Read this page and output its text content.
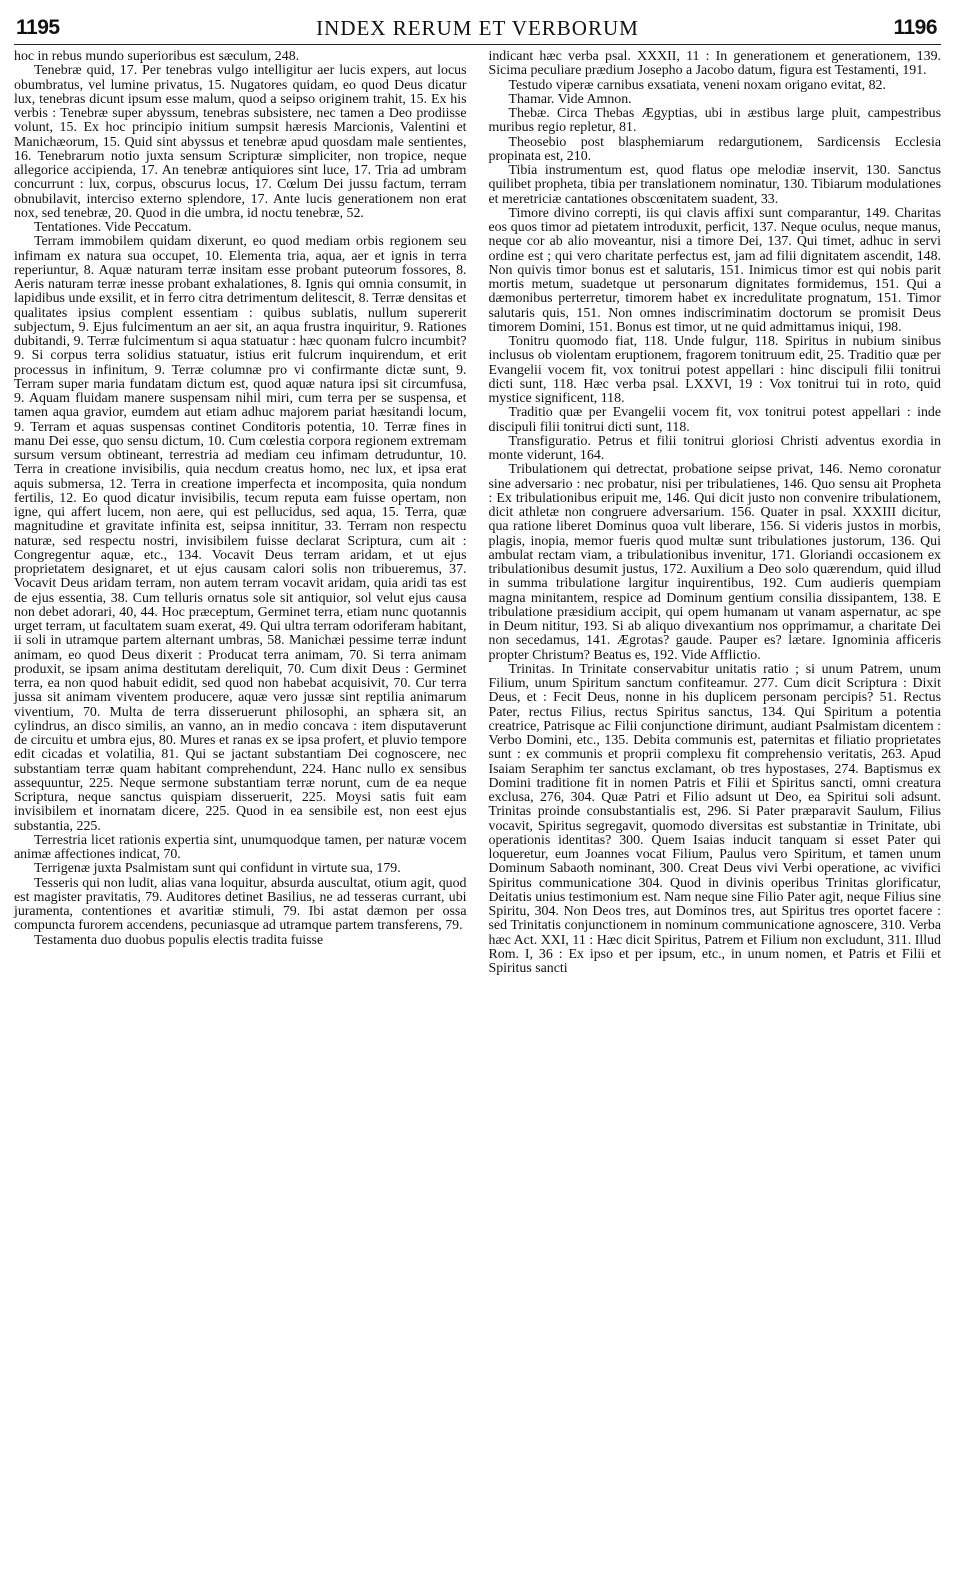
1195	INDEX RERUM ET VERBORUM	1196

hoc in rebus mundo superioribus est sæculum, 248.

Tenebræ quid, 17. Per tenebras vulgo intelligitur aer lucis expers, aut locus obumbratus, vel lumine privatus, 15. Nugatores quidam, eo quod Deus dicatur lux, tenebras dicunt ipsum esse malum, quod a seipso originem trahit, 15. Ex his verbis : Tenebræ super abyssum, tenebras subsistere, nec tamen a Deo prodiisse volunt, 15. Ex hoc principio initium sumpsit hæresis Marcionis, Valentini et Manichæorum, 15. Quid sint abyssus et tenebræ apud quosdam male sentientes, 16. Tenebrarum notio juxta sensum Scripturæ simpliciter, non tropice, neque allegorice accipienda, 17. An tenebræ antiquiores sint luce, 17. Tria ad umbram concurrunt : lux, corpus, obscurus locus, 17. Cœlum Dei jussu factum, terram obnubilavit, interciso externo splendore, 17. Ante lucis generationem non erat nox, sed tenebræ, 20. Quod in die umbra, id noctu tenebræ, 52.

Tentationes. Vide Peccatum.

Terram immobilem quidam dixerunt, eo quod mediam orbis regionem seu infimam ex natura sua occupet, 10. Elementa tria, aqua, aer et ignis in terra reperiuntur, 8. Aquæ naturam terræ insitam esse probant puteorum fossores, 8. Aeris naturam terræ inesse probant exhalationes, 8. Ignis qui omnia consumit, in lapidibus unde exsilit, et in ferro citra detrimentum delitescit, 8. Terræ densitas et qualitates ipsius complent essentiam : quibus sublatis, nullum supererit subjectum, 9. Ejus fulcimentum an aer sit, an aqua frustra inquiritur, 9. Rationes dubitandi, 9. Terræ fulcimentum si aqua statuatur : hæc quonam fulcro incumbit? 9. Si corpus terra solidius statuatur, istius erit fulcrum inquirendum, et erit processus in infinitum, 9. Terræ columnæ pro vi confirmante dictæ sunt, 9. Terram super maria fundatam dictum est, quod aquæ natura ipsi sit circumfusa, 9. Aquam fluidam manere suspensam nihil miri, cum terra per se suspensa, et tamen aqua gravior, eumdem aut etiam adhuc majorem pariat hæsitandi locum, 9. Terram et aquas suspensas continet Conditoris potentia, 10. Terræ fines in manu Dei esse, quo sensu dictum, 10. Cum cœlestia corpora regionem extremam sursum versum obtineant, terrestria ad mediam ceu infimam detruduntur, 10. Terra in creatione invisibilis, quia necdum creatus homo, nec lux, et ipsa erat aquis submersa, 12. Terra in creatione imperfecta et incomposita, quia nondum fertilis, 12. Eo quod dicatur invisibilis, tecum reputa eam fuisse opertam, non igne, qui affert lucem, non aere, qui est pellucidus, sed aqua, 15. Terra, quæ magnitudine et gravitate infinita est, seipsa innititur, 33. Terram non respectu naturæ, sed respectu nostri, invisibilem fuisse declarat Scriptura, cum ait : Congregentur aquæ, etc., 134. Vocavit Deus terram aridam, et ut ejus proprietatem designaret, et ut ejus causam calori solis non tribueremus, 37. Vocavit Deus aridam terram, non autem terram vocavit aridam, quia aridi tas est de ejus essentia, 38. Cum telluris ornatus sole sit antiquior, sol velut ejus causa non debet adorari, 40, 44. Hoc præceptum, Germinet terra, etiam nunc quotannis urget terram, ut facultatem suam exerat, 49. Qui ultra terram odoriferam habitant, ii soli in utramque partem alternant umbras, 58. Manichæi pessime terræ indunt animam, eo quod Deus dixerit : Producat terra animam, 70. Si terra animam produxit, se ipsam anima destitutam dereliquit, 70. Cum dixit Deus : Germinet terra, ea non quod habuit edidit, sed quod non habebat acquisivit, 70. Cur terra jussa sit animam viventem producere, aquæ vero jussæ sint reptilia animarum viventium, 70. Multa de terra disseruerunt philosophi, an sphæra sit, an cylindrus, an disco similis, an vanno, an in medio concava : item disputaverunt de circuitu et umbra ejus, 80. Mures et ranas ex se ipsa profert, et pluvio tempore edit cicadas et volatilia, 81. Qui se jactant substantiam Dei cognoscere, nec substantiam terræ quam habitant comprehendunt, 224. Hanc nullo ex sensibus assequuntur, 225. Neque sermone substantiam terræ norunt, cum de ea neque Scriptura, neque sanctus quispiam disseruerit, 225. Moysi satis fuit eam invisibilem et inornatam dicere, 225. Quod in ea sensibile est, non eest ejus substantia, 225.

Terrestria licet rationis expertia sint, unumquodque tamen, per naturæ vocem animæ affectiones indicat, 70.

Terrigenæ juxta Psalmistam sunt qui confidunt in virtute sua, 179.

Tesseris qui non ludit, alias vana loquitur, absurda auscultat, otium agit, quod est magister pravitatis, 79. Auditores detinet Basilius, ne ad tesseras currant, ubi juramenta, contentiones et avaritiæ stimuli, 79. Ibi astat dæmon per ossa compuncta furorem accendens, pecuniasque ad utramque partem transferens, 79.

Testamenta duo duobus populis electis tradita fuisse

indicant hæc verba psal. XXXII, 11 : In generationem et generationem, 139. Sicima peculiare prædium Josepho a Jacobo datum, figura est Testamenti, 191.

Testudo viperæ carnibus exsatiata, veneni noxam origano evitat, 82.

Thamar. Vide Amnon.

Thebæ. Circa Thebas Ægyptias, ubi in æstibus large pluit, campestribus muribus regio repletur, 81.

Theosebio post blasphemiarum redargutionem, Sardicensis Ecclesia propinata est, 210.

Tibia instrumentum est, quod flatus ope melodiæ inservit, 130. Sanctus quilibet propheta, tibia per translationem nominatur, 130. Tibiarum modulationes et meretriciæ cantationes obscœnitatem suadent, 33.

Timore divino correpti, iis qui clavis affixi sunt comparantur, 149. Charitas eos quos timor ad pietatem introduxit, perficit, 137. Neque oculus, neque manus, neque cor ab alio moveantur, nisi a timore Dei, 137. Qui timet, adhuc in servi ordine est ; qui vero charitate perfectus est, jam ad filii dignitatem ascendit, 148. Non quivis timor bonus est et salutaris, 151. Inimicus timor est qui nobis parit mortis metum, suadetque ut personarum dignitates formidemus, 151. Qui a dæmonibus perterretur, timorem habet ex incredulitate prognatum, 151. Timor salutaris quis, 151. Non omnes indiscriminatim doctorum se promisit Deus timorem Domini, 151. Bonus est timor, ut ne quid admittamus iniqui, 198.

Tonitru quomodo fiat, 118. Unde fulgur, 118. Spiritus in nubium sinibus inclusus ob violentam eruptionem, fragorem tonitruum edit, 25. Traditio quæ per Evangelii vocem fit, vox tonitrui potest appellari : hinc discipuli filii tonitrui dicti sunt, 118. Hæc verba psal. LXXVI, 19 : Vox tonitrui tui in roto, quid mystice significent, 118.

Traditio quæ per Evangelii vocem fit, vox tonitrui potest appellari : inde discipuli filii tonitrui dicti sunt, 118.

Transfiguratio. Petrus et filii tonitrui gloriosi Christi adventus exordia in monte viderunt, 164.

Tribulationem qui detrectat, probatione seipse privat, 146. Nemo coronatur sine adversario : nec probatur, nisi per tribulatienes, 146. Quo sensu ait Propheta : Ex tribulationibus eripuit me, 146. Qui dicit justo non convenire tribulationem, dicit athletæ non congruere adversarium. 156. Quater in psal. XXXIII dicitur, qua ratione liberet Dominus quoa vult liberare, 156. Si videris justos in morbis, plagis, inopia, memor fueris quod multæ sunt tribulationes justorum, 136. Qui ambulat rectam viam, a tribulationibus invenitur, 171. Gloriandi occasionem ex tribulationibus desumit justus, 172. Auxilium a Deo solo quærendum, quid illud in summa tribulatione largitur inquirentibus, 192. Cum audieris quempiam magna minitantem, respice ad Dominum gentium consilia dissipantem, 138. E tribulatione præsidium accipit, qui opem humanam ut vanam aspernatur, ac spe in Deum nititur, 193. Si ab aliquo divexantium nos opprimamur, a charitate Dei non secedamus, 141. Ægrotas? gaude. Pauper es? lætare. Ignominia afficeris propter Christum? Beatus es, 192. Vide Afflictio.

Trinitas. In Trinitate conservabitur unitatis ratio ; si unum Patrem, unum Filium, unum Spiritum sanctum confiteamur. 277. Cum dicit Scriptura : Dixit Deus, et : Fecit Deus, nonne in his duplicem personam percipis? 51. Rectus Pater, rectus Filius, rectus Spiritus sanctus, 134. Qui Spiritum a potentia creatrice, Patrisque ac Filii conjunctione dirimunt, audiant Psalmistam dicentem : Verbo Domini, etc., 135. Debita communis est, paternitas et filiatio proprietates sunt : ex communis et proprii complexu fit comprehensio veritatis, 263. Apud Isaiam Seraphim ter sanctus exclamant, ob tres hypostases, 274. Baptismus ex Domini traditione fit in nomen Patris et Filii et Spiritus sancti, omni creatura exclusa, 276, 304. Quæ Patri et Filio adsunt ut Deo, ea Spiritui soli adsunt. Trinitas proinde consubstantialis est, 296. Si Pater præparavit Saulum, Filius vocavit, Spiritus segregavit, quomodo diversitas est substantiæ in Trinitate, ubi operationis identitas? 300. Quem Isaias inducit tanquam si esset Pater qui loqueretur, eum Joannes vocat Filium, Paulus vero Spiritum, et tamen unum Dominum Sabaoth nominant, 300. Creat Deus vivi Verbi operatione, ac vivifici Spiritus communicatione 304. Quod in divinis operibus Trinitas glorificatur, Deitatis unius testimonium est. Nam neque sine Filio Pater agit, neque Filius sine Spiritu, 304. Non Deos tres, aut Dominos tres, aut Spiritus tres oportet facere : sed Trinitatis conjunctionem in nominum communicatione agnoscere, 310. Verba hæc Act. XXI, 11 : Hæc dicit Spiritus, Patrem et Filium non excludunt, 311. Illud Rom. I, 36 : Ex ipso et per ipsum, etc., in unum nomen, et Patris et Filii et Spiritus sancti
